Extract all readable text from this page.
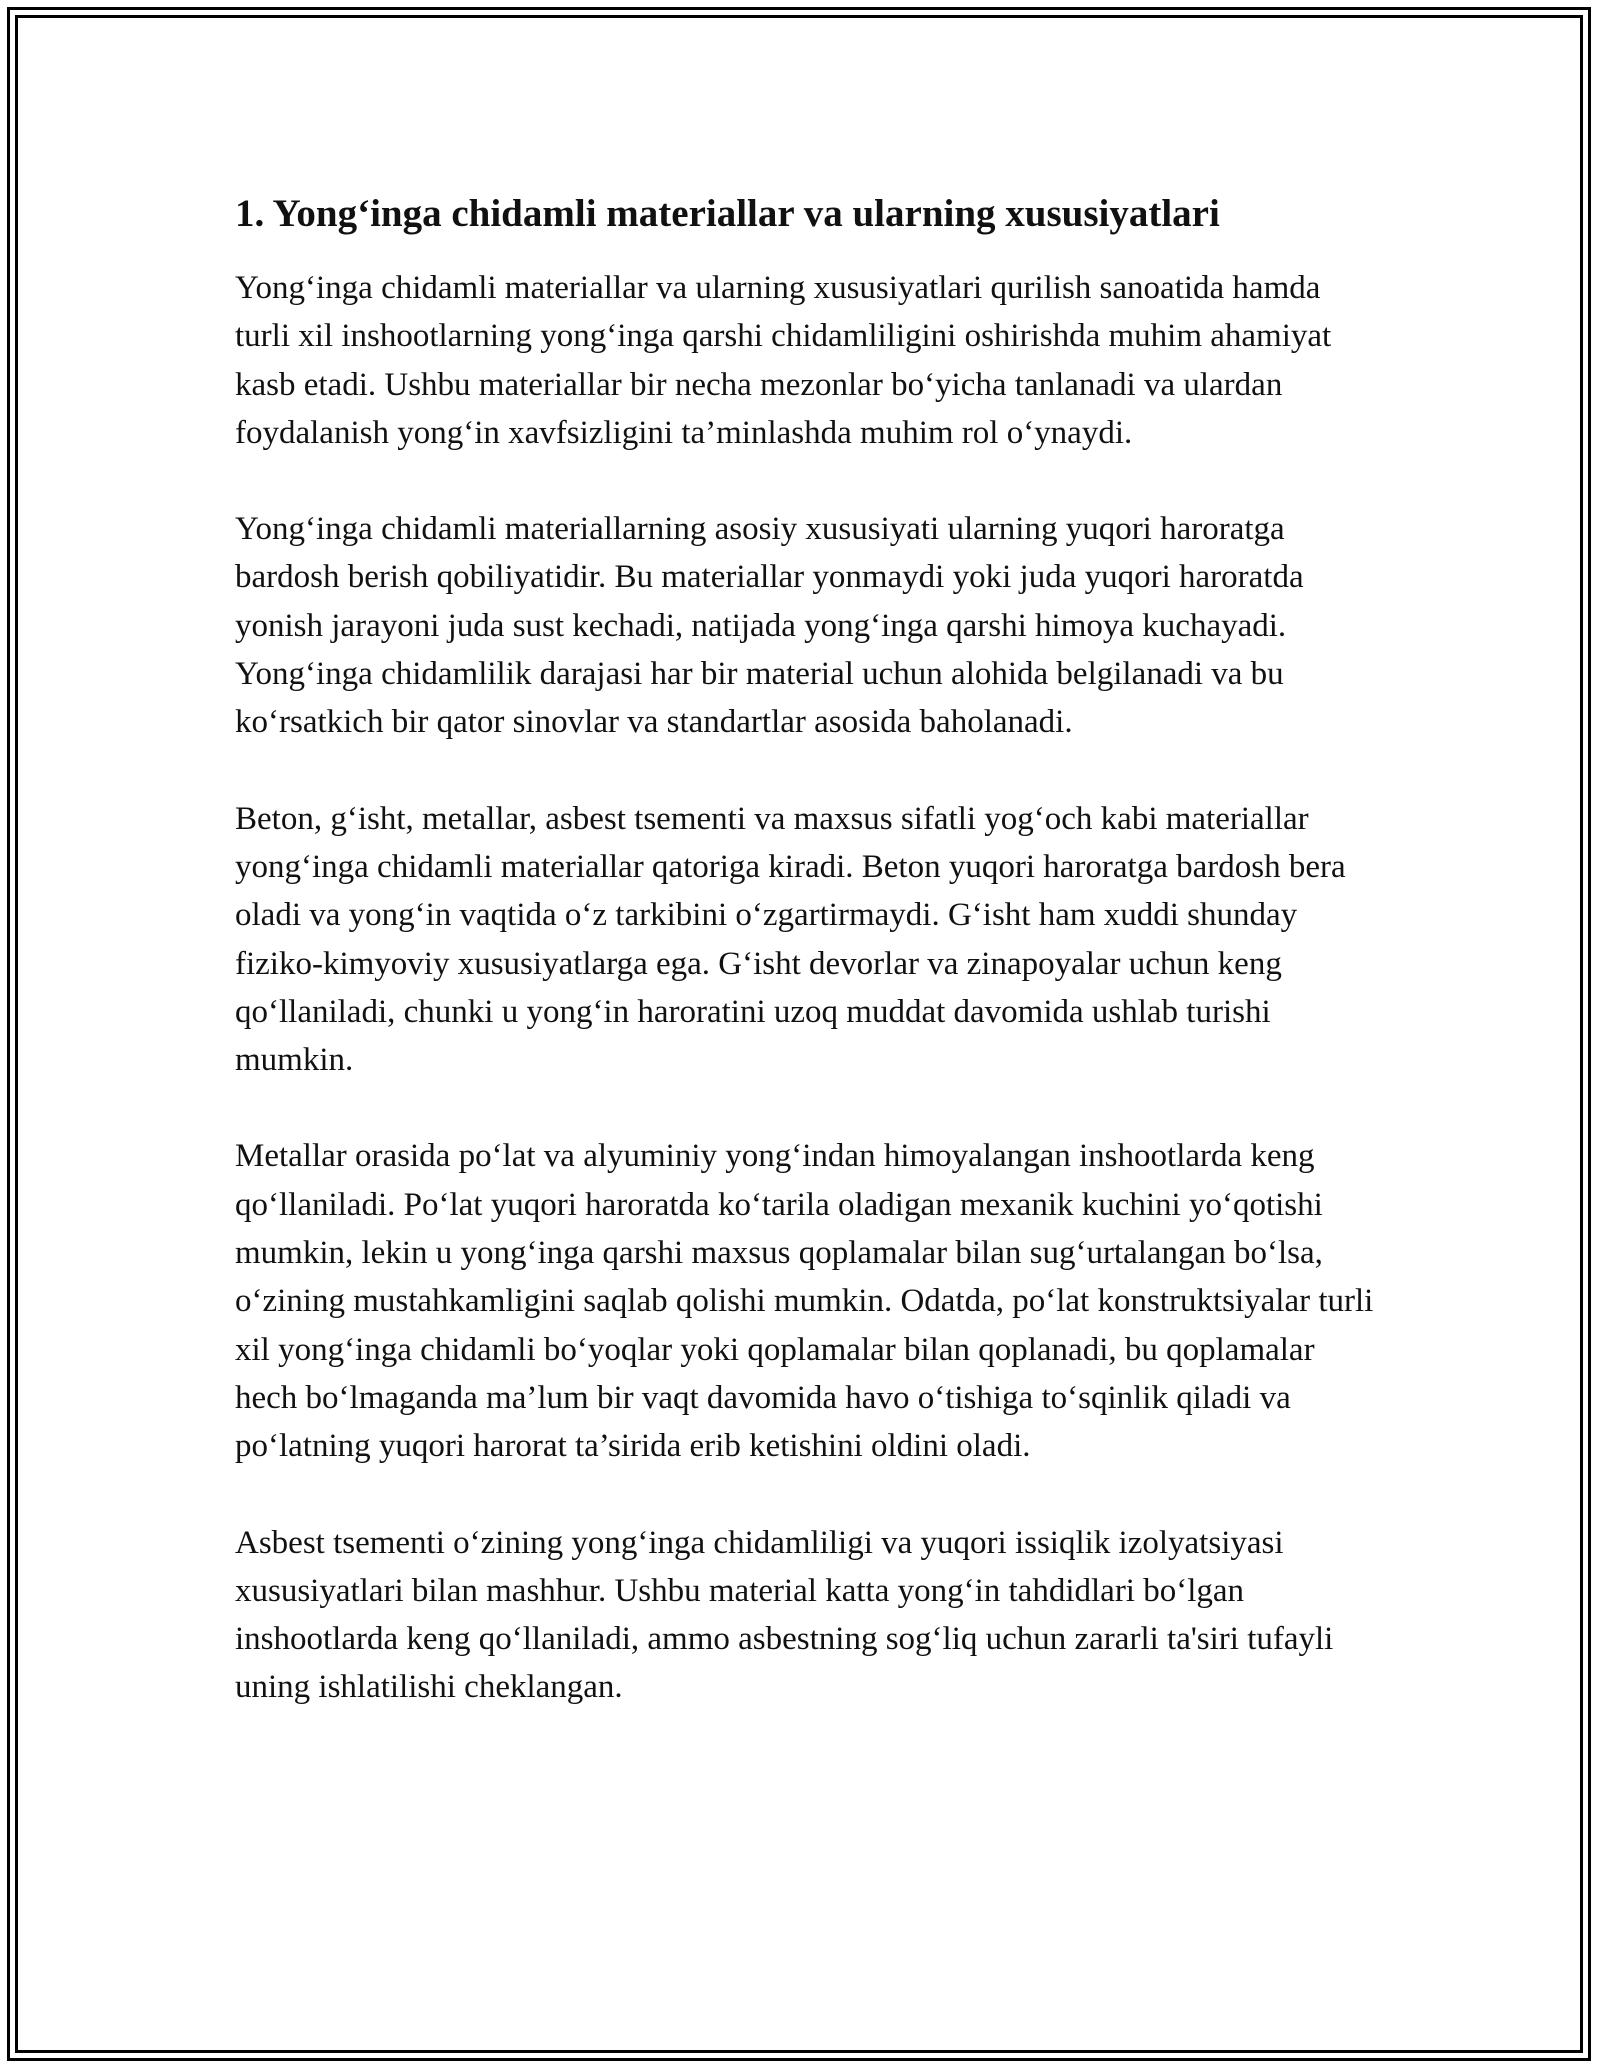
1. Yong‘inga chidamli materiallar va ularning xususiyatlari

Yong‘inga chidamli materiallar va ularning xususiyatlari qurilish sanoatida hamda turli xil inshootlarning yong‘inga qarshi chidamliligini oshirishda muhim ahamiyat kasb etadi. Ushbu materiallar bir necha mezonlar bo‘yicha tanlanadi va ulardan foydalanish yong‘in xavfsizligini ta’minlashda muhim rol o‘ynaydi.

Yong‘inga chidamli materiallarning asosiy xususiyati ularning yuqori haroratga bardosh berish qobiliyatidir. Bu materiallar yonmaydi yoki juda yuqori haroratda yonish jarayoni juda sust kechadi, natijada yong‘inga qarshi himoya kuchayadi. Yong‘inga chidamlilik darajasi har bir material uchun alohida belgilanadi va bu ko‘rsatkich bir qator sinovlar va standartlar asosida baholanadi.

Beton, g‘isht, metallar, asbest tsementi va maxsus sifatli yog‘och kabi materiallar yong‘inga chidamli materiallar qatoriga kiradi. Beton yuqori haroratga bardosh bera oladi va yong‘in vaqtida o‘z tarkibini o‘zgartirmaydi. G‘isht ham xuddi shunday fiziko-kimyoviy xususiyatlarga ega. G‘isht devorlar va zinapoyalar uchun keng qo‘llaniladi, chunki u yong‘in haroratini uzoq muddat davomida ushlab turishi mumkin.

Metallar orasida po‘lat va alyuminiy yong‘indan himoyalangan inshootlarda keng qo‘llaniladi. Po‘lat yuqori haroratda ko‘tarila oladigan mexanik kuchini yo‘qotishi mumkin, lekin u yong‘inga qarshi maxsus qoplamalar bilan sug‘urtalangan bo‘lsa, o‘zining mustahkamligini saqlab qolishi mumkin. Odatda, po‘lat konstruktsiyalar turli xil yong‘inga chidamli bo‘yoqlar yoki qoplamalar bilan qoplanadi, bu qoplamalar hech bo‘lmaganda ma’lum bir vaqt davomida havo o‘tishiga to‘sqinlik qiladi va po‘latning yuqori harorat ta’sirida erib ketishini oldini oladi.

Asbest tsementi o‘zining yong‘inga chidamliligi va yuqori issiqlik izolyatsiyasi xususiyatlari bilan mashhur. Ushbu material katta yong‘in tahdidlari bo‘lgan inshootlarda keng qo‘llaniladi, ammo asbestning sog‘liq uchun zararli ta'siri tufayli uning ishlatilishi cheklangan.
